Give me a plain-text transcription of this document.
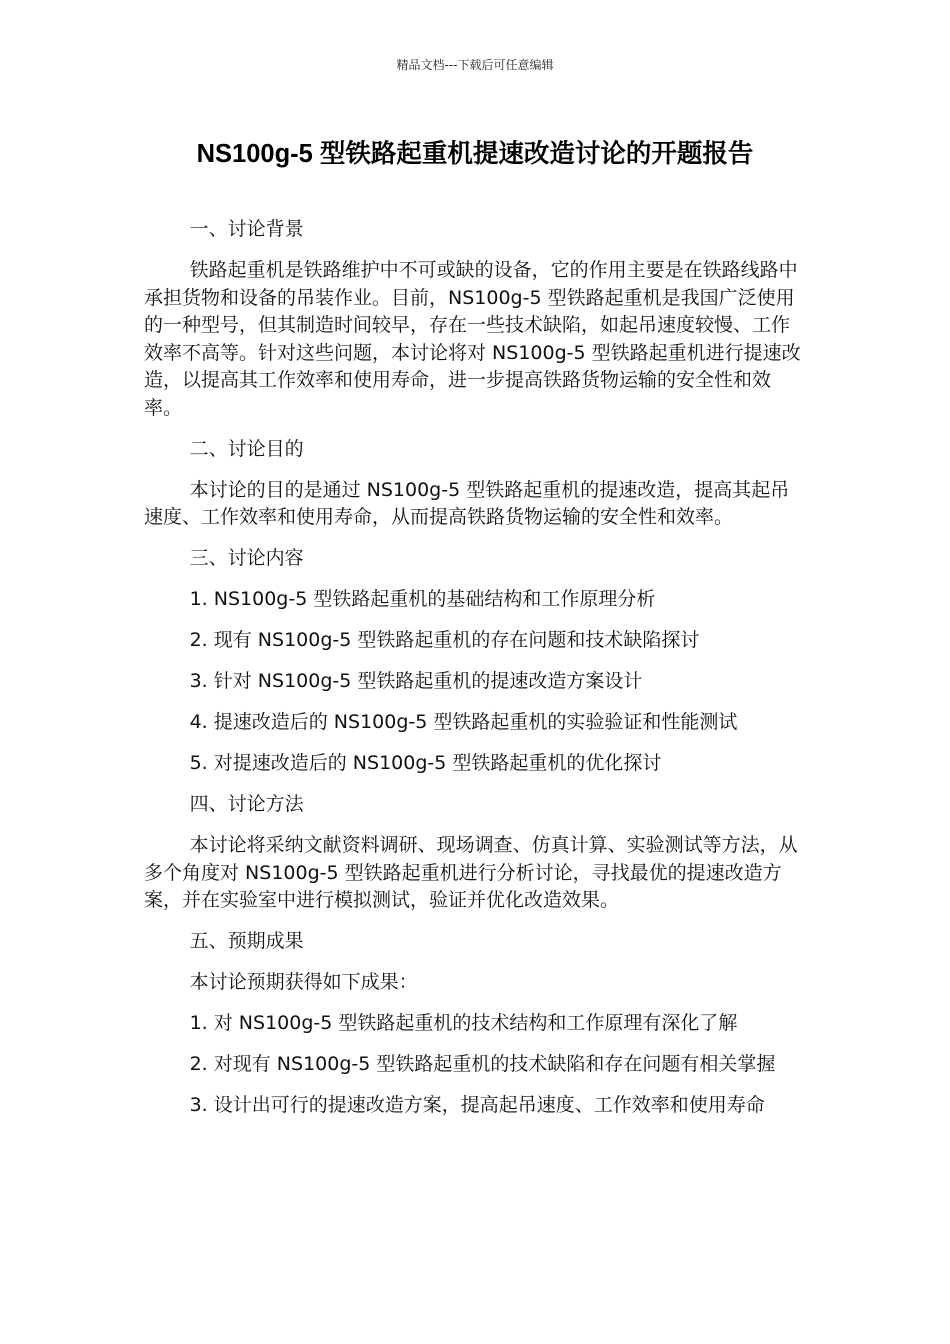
精品文档---下载后可任意编辑
NS100g-5 型铁路起重机提速改造讨论的开题报告

一、讨论背景

铁路起重机是铁路维护中不可或缺的设备，它的作用主要是在铁路线路中承担货物和设备的吊装作业。目前，NS100g-5 型铁路起重机是我国广泛使用的一种型号，但其制造时间较早，存在一些技术缺陷，如起吊速度较慢、工作效率不高等。针对这些问题，本讨论将对 NS100g-5 型铁路起重机进行提速改造，以提高其工作效率和使用寿命，进一步提高铁路货物运输的安全性和效率。

二、讨论目的

本讨论的目的是通过 NS100g-5 型铁路起重机的提速改造，提高其起吊速度、工作效率和使用寿命，从而提高铁路货物运输的安全性和效率。

三、讨论内容

1. NS100g-5 型铁路起重机的基础结构和工作原理分析

2. 现有 NS100g-5 型铁路起重机的存在问题和技术缺陷探讨

3. 针对 NS100g-5 型铁路起重机的提速改造方案设计

4. 提速改造后的 NS100g-5 型铁路起重机的实验验证和性能测试

5. 对提速改造后的 NS100g-5 型铁路起重机的优化探讨

四、讨论方法

本讨论将采纳文献资料调研、现场调查、仿真计算、实验测试等方法，从多个角度对 NS100g-5 型铁路起重机进行分析讨论，寻找最优的提速改造方案，并在实验室中进行模拟测试，验证并优化改造效果。

五、预期成果

本讨论预期获得如下成果：

1. 对 NS100g-5 型铁路起重机的技术结构和工作原理有深化了解

2. 对现有 NS100g-5 型铁路起重机的技术缺陷和存在问题有相关掌握

3. 设计出可行的提速改造方案，提高起吊速度、工作效率和使用寿命
